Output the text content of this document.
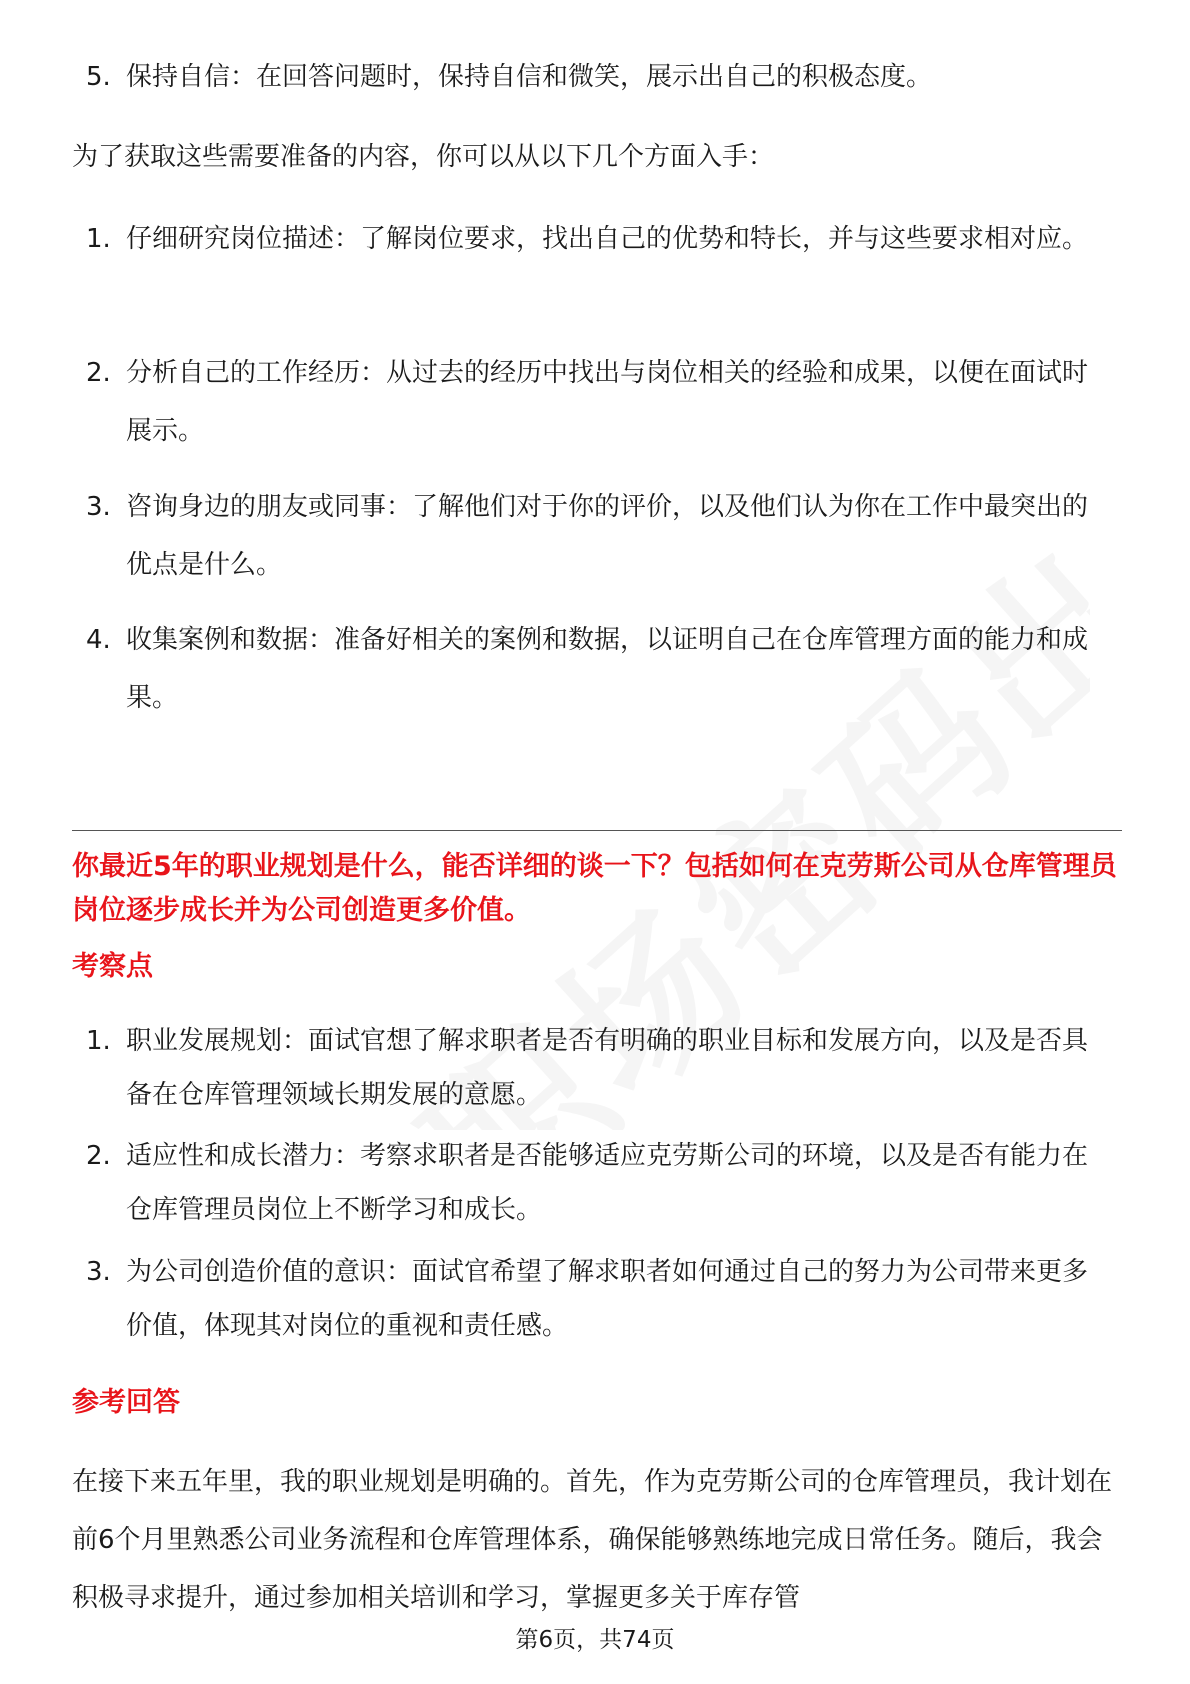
5. 保持自信：在回答问题时，保持自信和微笑，展示出自己的积极态度。

为了获取这些需要准备的内容，你可以从以下几个方面入手：

1. 仔细研究岗位描述：了解岗位要求，找出自己的优势和特长，并与这些要求相对应。
2. 分析自己的工作经历：从过去的经历中找出与岗位相关的经验和成果，以便在面试时展示。
3. 咨询身边的朋友或同事：了解他们对于你的评价，以及他们认为你在工作中最突出的优点是什么。
4. 收集案例和数据：准备好相关的案例和数据，以证明自己在仓库管理方面的能力和成果。
你最近5年的职业规划是什么，能否详细的谈一下？包括如何在克劳斯公司从仓库管理员岗位逐步成长并为公司创造更多价值。
考察点
1. 职业发展规划：面试官想了解求职者是否有明确的职业目标和发展方向，以及是否具备在仓库管理领域长期发展的意愿。
2. 适应性和成长潜力：考察求职者是否能够适应克劳斯公司的环境，以及是否有能力在仓库管理员岗位上不断学习和成长。
3. 为公司创造价值的意识：面试官希望了解求职者如何通过自己的努力为公司带来更多价值，体现其对岗位的重视和责任感。
参考回答

在接下来五年里，我的职业规划是明确的。首先，作为克劳斯公司的仓库管理员，我计划在前6个月里熟悉公司业务流程和仓库管理体系，确保能够熟练地完成日常任务。随后，我会积极寻求提升，通过参加相关培训和学习，掌握更多关于库存管

第6页，共74页
